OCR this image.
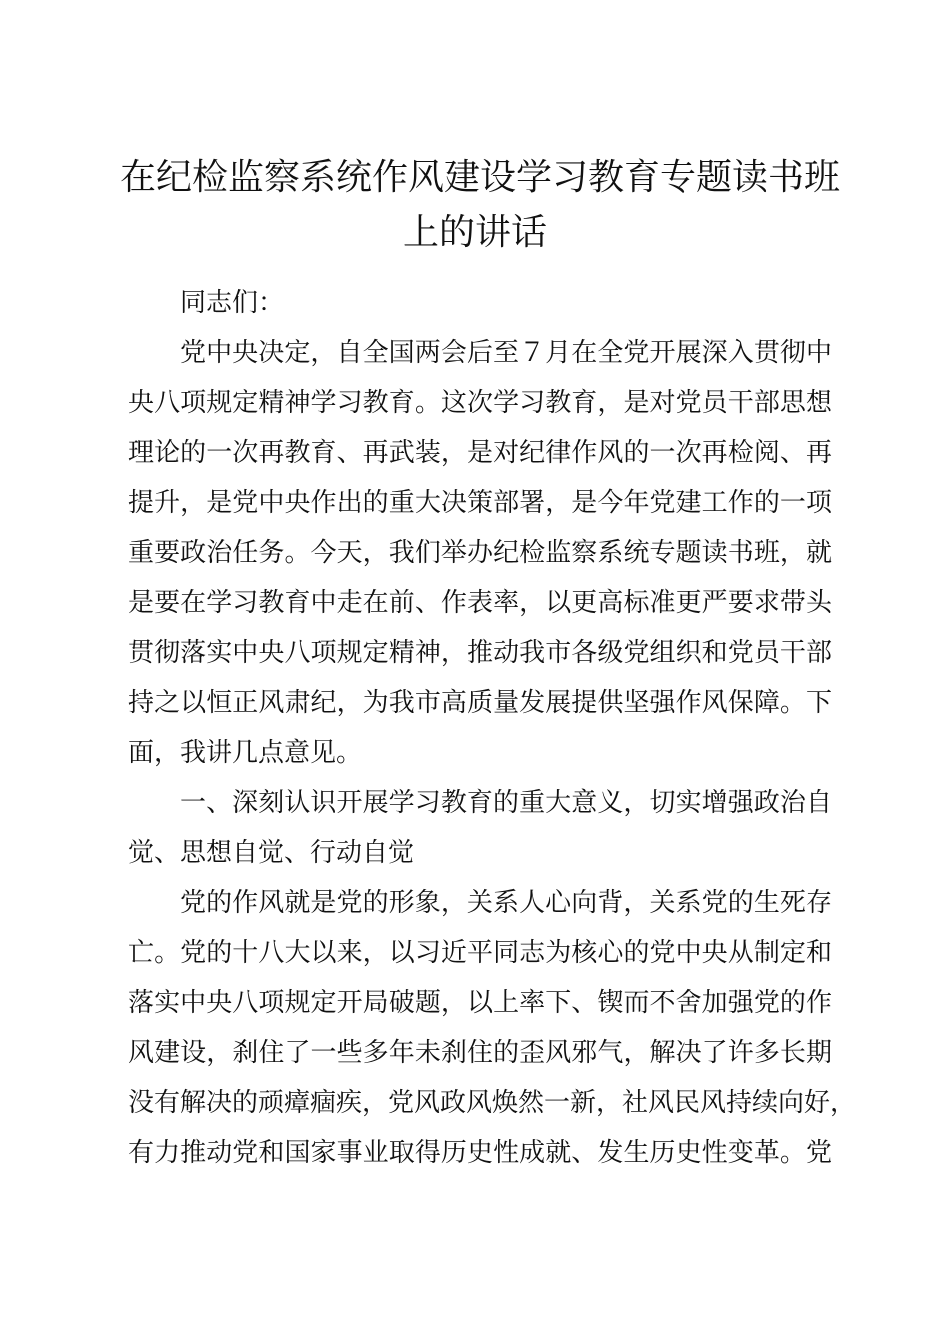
在纪检监察系统作风建设学习教育专题读书班
上的讲话

同志们：

党中央决定，自全国两会后至７月在全党开展深入贯彻中

央八项规定精神学习教育。这次学习教育，是对党员干部思想

理论的一次再教育、再武装，是对纪律作风的一次再检阅、再

提升，是党中央作出的重大决策部署，是今年党建工作的一项

重要政治任务。今天，我们举办纪检监察系统专题读书班，就

是要在学习教育中走在前、作表率，以更高标准更严要求带头

贯彻落实中央八项规定精神，推动我市各级党组织和党员干部

持之以恒正风肃纪，为我市高质量发展提供坚强作风保障。下

面，我讲几点意见。

一、深刻认识开展学习教育的重大意义，切实增强政治自

觉、思想自觉、行动自觉

党的作风就是党的形象，关系人心向背，关系党的生死存

亡。党的十八大以来，以习近平同志为核心的党中央从制定和

落实中央八项规定开局破题，以上率下、锲而不舍加强党的作

风建设，刹住了一些多年未刹住的歪风邪气，解决了许多长期

没有解决的顽瘴痼疾，党风政风焕然一新，社风民风持续向好，

有力推动党和国家事业取得历史性成就、发生历史性变革。党
